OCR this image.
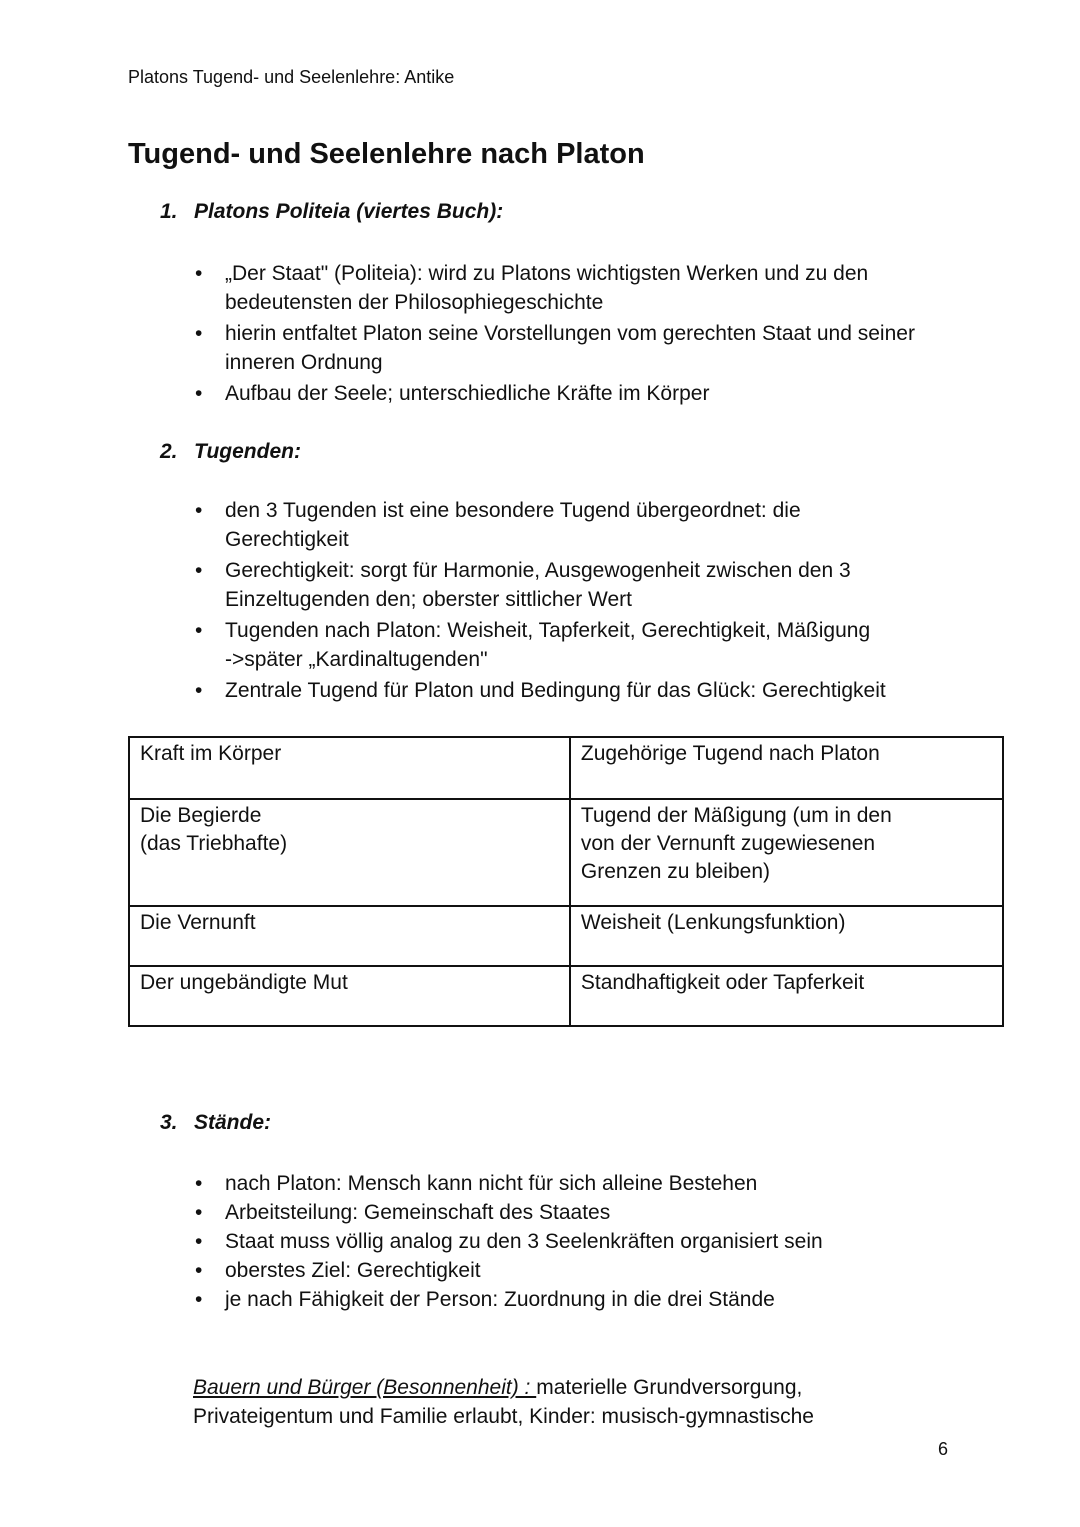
Platons Tugend- und Seelenlehre: Antike
Tugend- und Seelenlehre nach Platon
1. Platons Politeia (viertes Buch):
• „Der Staat" (Politeia): wird zu Platons wichtigsten Werken und zu den
bedeutensten der Philosophiegeschichte
• hierin entfaltet Platon seine Vorstellungen vom gerechten Staat und seiner
inneren Ordnung
• Aufbau der Seele; unterschiedliche Kräfte im Körper
2. Tugenden:
• den 3 Tugenden ist eine besondere Tugend übergeordnet: die
Gerechtigkeit
• Gerechtigkeit: sorgt für Harmonie, Ausgewogenheit zwischen den 3
Einzeltugenden den; oberster sittlicher Wert
• Tugenden nach Platon: Weisheit, Tapferkeit, Gerechtigkeit, Mäßigung
->später „Kardinaltugenden"
• Zentrale Tugend für Platon und Bedingung für das Glück: Gerechtigkeit
Kraft im Körper	Zugehörige Tugend nach Platon

Die Begierde
(das Triebhafte)	Tugend der Mäßigung (um in den
von der Vernunft zugewiesenen
Grenzen zu bleiben)

Die Vernunft	Weisheit (Lenkungsfunktion)

Der ungebändigte Mut	Standhaftigkeit oder Tapferkeit
3. Stände:
• nach Platon: Mensch kann nicht für sich alleine Bestehen
• Arbeitsteilung: Gemeinschaft des Staates
• Staat muss völlig analog zu den 3 Seelenkräften organisiert sein
• oberstes Ziel: Gerechtigkeit
• je nach Fähigkeit der Person: Zuordnung in die drei Stände

Bauern und Bürger (Besonnenheit) : materielle Grundversorgung,
Privateigentum und Familie erlaubt, Kinder: musisch-gymnastische

6
